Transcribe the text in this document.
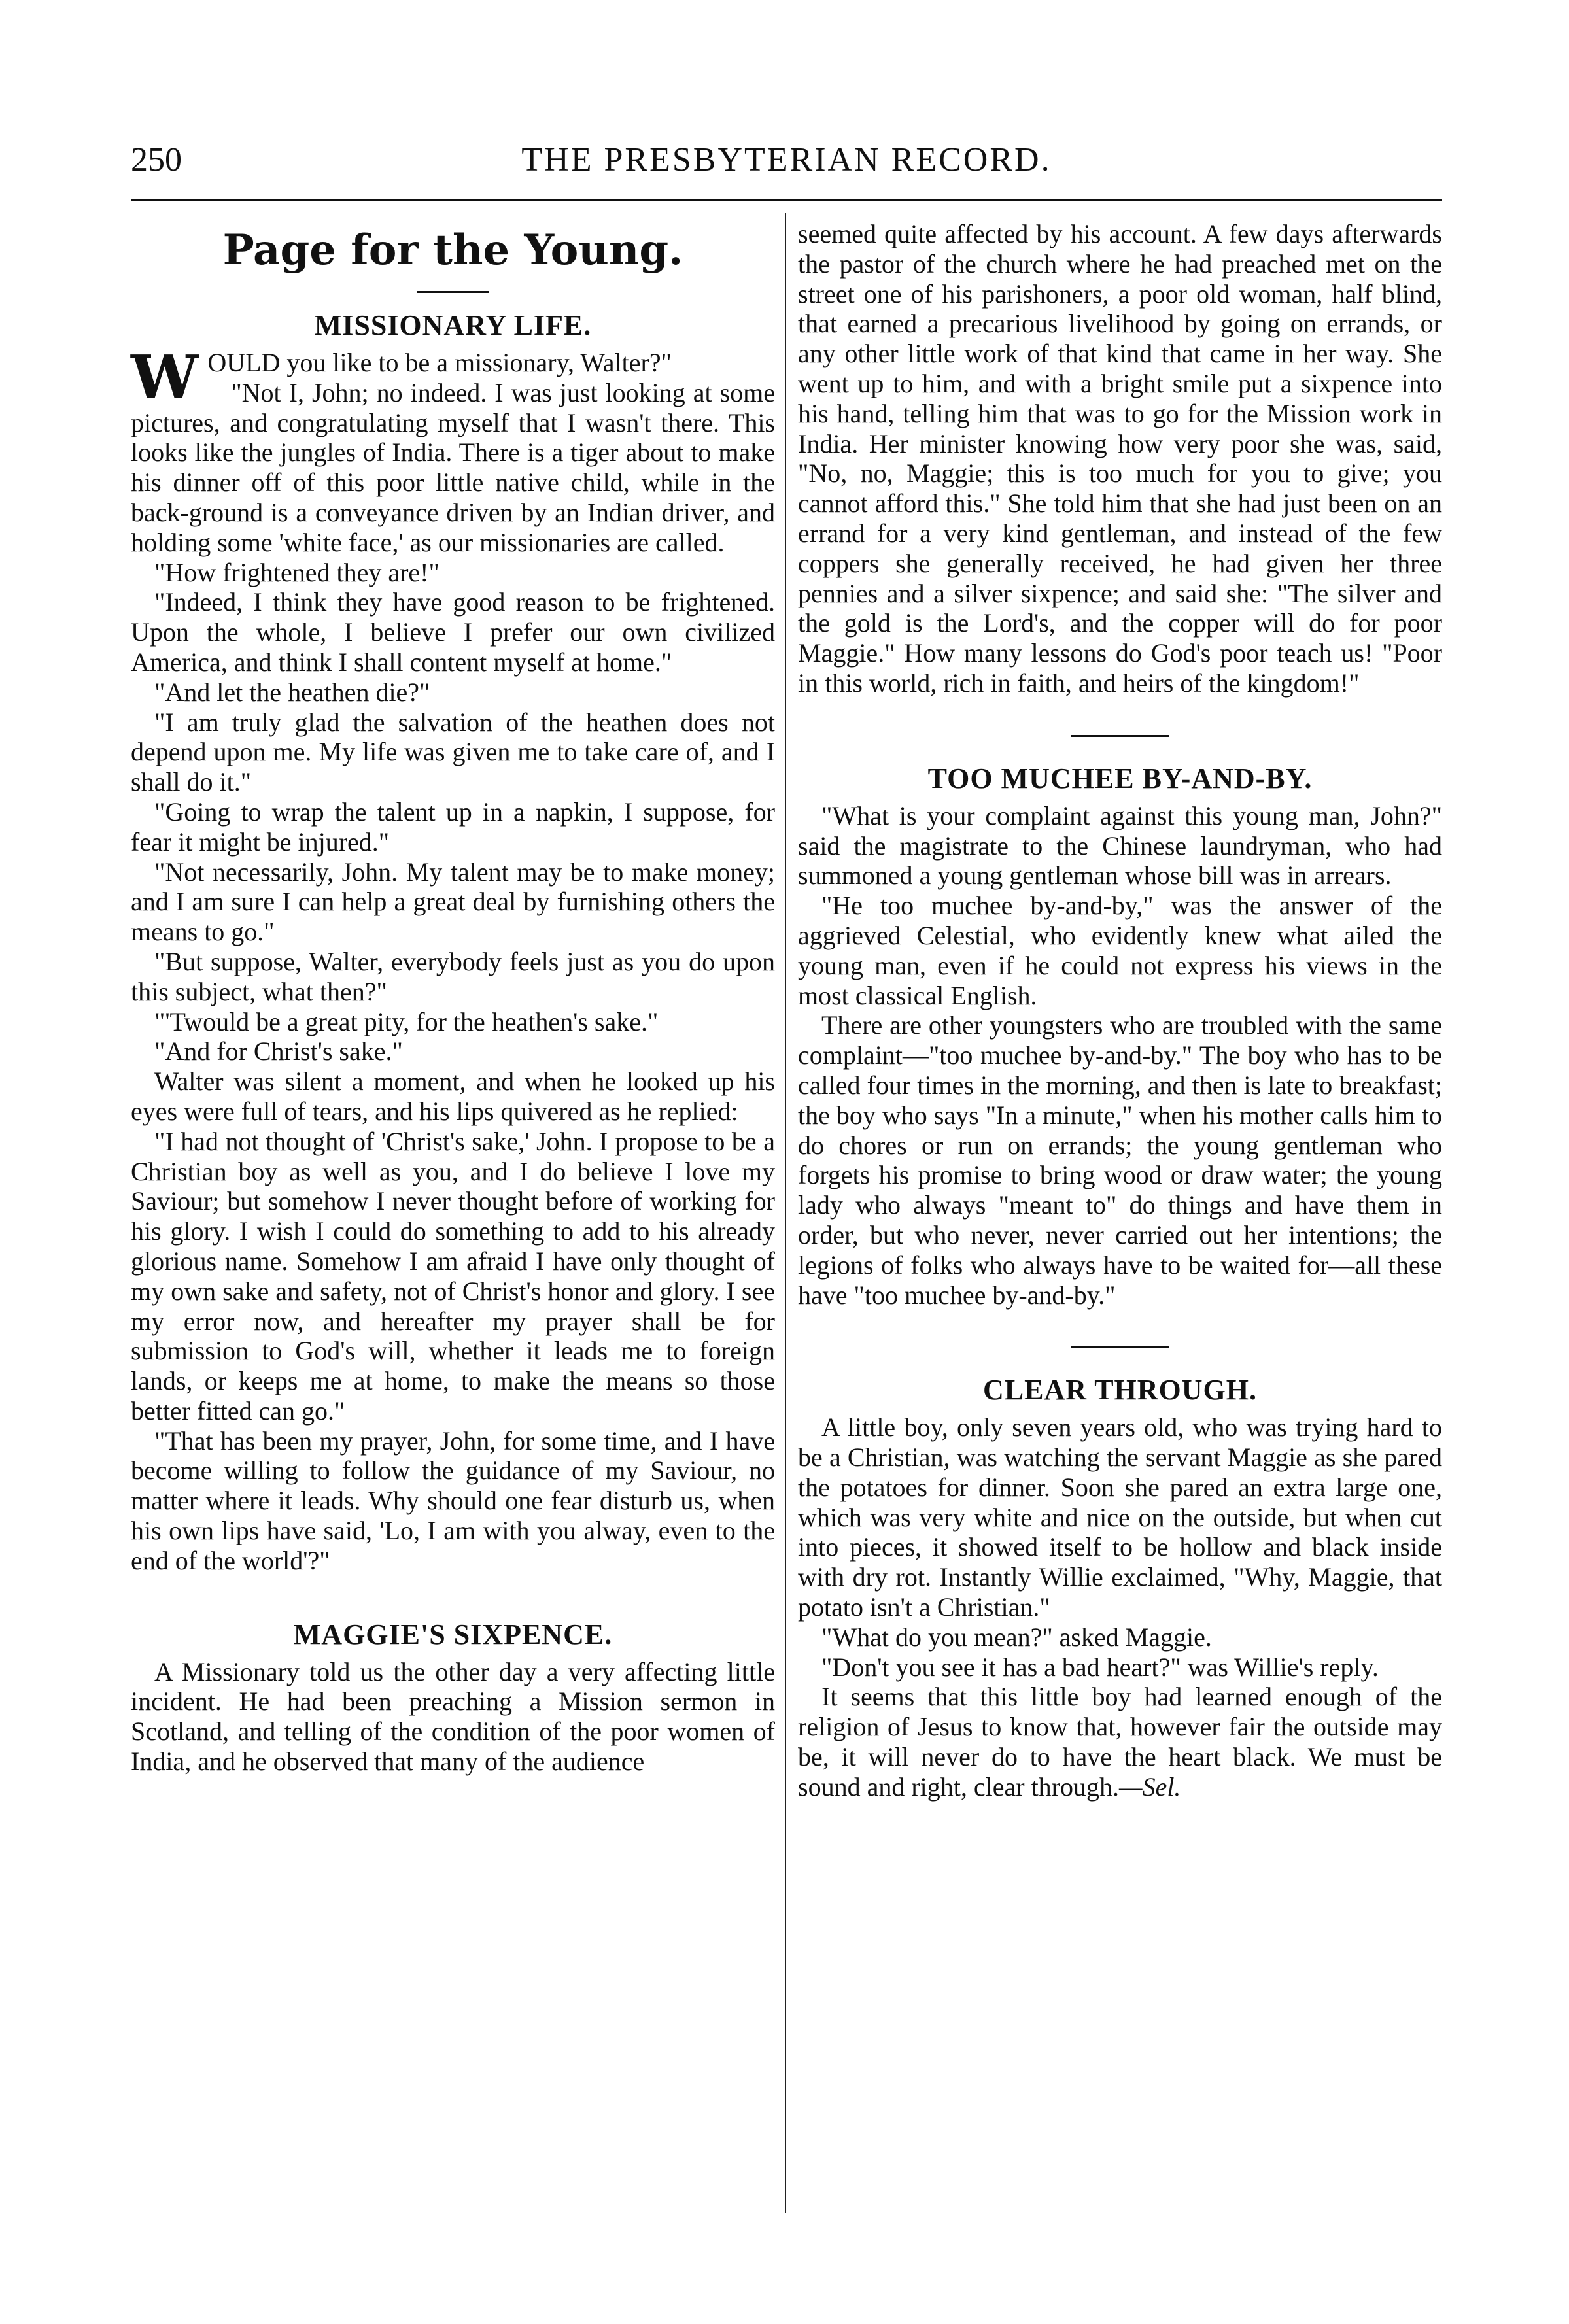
250	THE PRESBYTERIAN RECORD.
Page for the Young.
MISSIONARY LIFE.

WOULD you like to be a missionary, Walter?"

"Not I, John; no indeed. I was just looking at some pictures, and congratulating myself that I wasn't there. This looks like the jungles of India. There is a tiger about to make his dinner off of this poor little native child, while in the back-ground is a conveyance driven by an Indian driver, and holding some 'white face,' as our missionaries are called.

"How frightened they are!"

"Indeed, I think they have good reason to be frightened. Upon the whole, I believe I prefer our own civilized America, and think I shall content myself at home."

"And let the heathen die?"

"I am truly glad the salvation of the heathen does not depend upon me. My life was given me to take care of, and I shall do it."

"Going to wrap the talent up in a napkin, I suppose, for fear it might be injured."

"Not necessarily, John. My talent may be to make money; and I am sure I can help a great deal by furnishing others the means to go."

"But suppose, Walter, everybody feels just as you do upon this subject, what then?"

"'Twould be a great pity, for the heathen's sake."

"And for Christ's sake."

Walter was silent a moment, and when he looked up his eyes were full of tears, and his lips quivered as he replied:

"I had not thought of 'Christ's sake,' John. I propose to be a Christian boy as well as you, and I do believe I love my Saviour; but somehow I never thought before of working for his glory. I wish I could do something to add to his already glorious name. Somehow I am afraid I have only thought of my own sake and safety, not of Christ's honor and glory. I see my error now, and hereafter my prayer shall be for submission to God's will, whether it leads me to foreign lands, or keeps me at home, to make the means so those better fitted can go."

"That has been my prayer, John, for some time, and I have become willing to follow the guidance of my Saviour, no matter where it leads. Why should one fear disturb us, when his own lips have said, 'Lo, I am with you alway, even to the end of the world'?"

MAGGIE'S SIXPENCE.

A Missionary told us the other day a very affecting little incident. He had been preaching a Mission sermon in Scotland, and telling of the condition of the poor women of India, and he observed that many of the audience

seemed quite affected by his account. A few days afterwards the pastor of the church where he had preached met on the street one of his parishoners, a poor old woman, half blind, that earned a precarious livelihood by going on errands, or any other little work of that kind that came in her way. She went up to him, and with a bright smile put a sixpence into his hand, telling him that was to go for the Mission work in India. Her minister knowing how very poor she was, said, "No, no, Maggie; this is too much for you to give; you cannot afford this." She told him that she had just been on an errand for a very kind gentleman, and instead of the few coppers she generally received, he had given her three pennies and a silver sixpence; and said she: "The silver and the gold is the Lord's, and the copper will do for poor Maggie." How many lessons do God's poor teach us! "Poor in this world, rich in faith, and heirs of the kingdom!"

TOO MUCHEE BY-AND-BY.

"What is your complaint against this young man, John?" said the magistrate to the Chinese laundryman, who had summoned a young gentleman whose bill was in arrears.

"He too muchee by-and-by," was the answer of the aggrieved Celestial, who evidently knew what ailed the young man, even if he could not express his views in the most classical English.

There are other youngsters who are troubled with the same complaint—"too muchee by-and-by." The boy who has to be called four times in the morning, and then is late to breakfast; the boy who says "In a minute," when his mother calls him to do chores or run on errands; the young gentleman who forgets his promise to bring wood or draw water; the young lady who always "meant to" do things and have them in order, but who never, never carried out her intentions; the legions of folks who always have to be waited for—all these have "too muchee by-and-by."

CLEAR THROUGH.

A little boy, only seven years old, who was trying hard to be a Christian, was watching the servant Maggie as she pared the potatoes for dinner. Soon she pared an extra large one, which was very white and nice on the outside, but when cut into pieces, it showed itself to be hollow and black inside with dry rot. Instantly Willie exclaimed, "Why, Maggie, that potato isn't a Christian."

"What do you mean?" asked Maggie.

"Don't you see it has a bad heart?" was Willie's reply.

It seems that this little boy had learned enough of the religion of Jesus to know that, however fair the outside may be, it will never do to have the heart black. We must be sound and right, clear through.—Sel.
